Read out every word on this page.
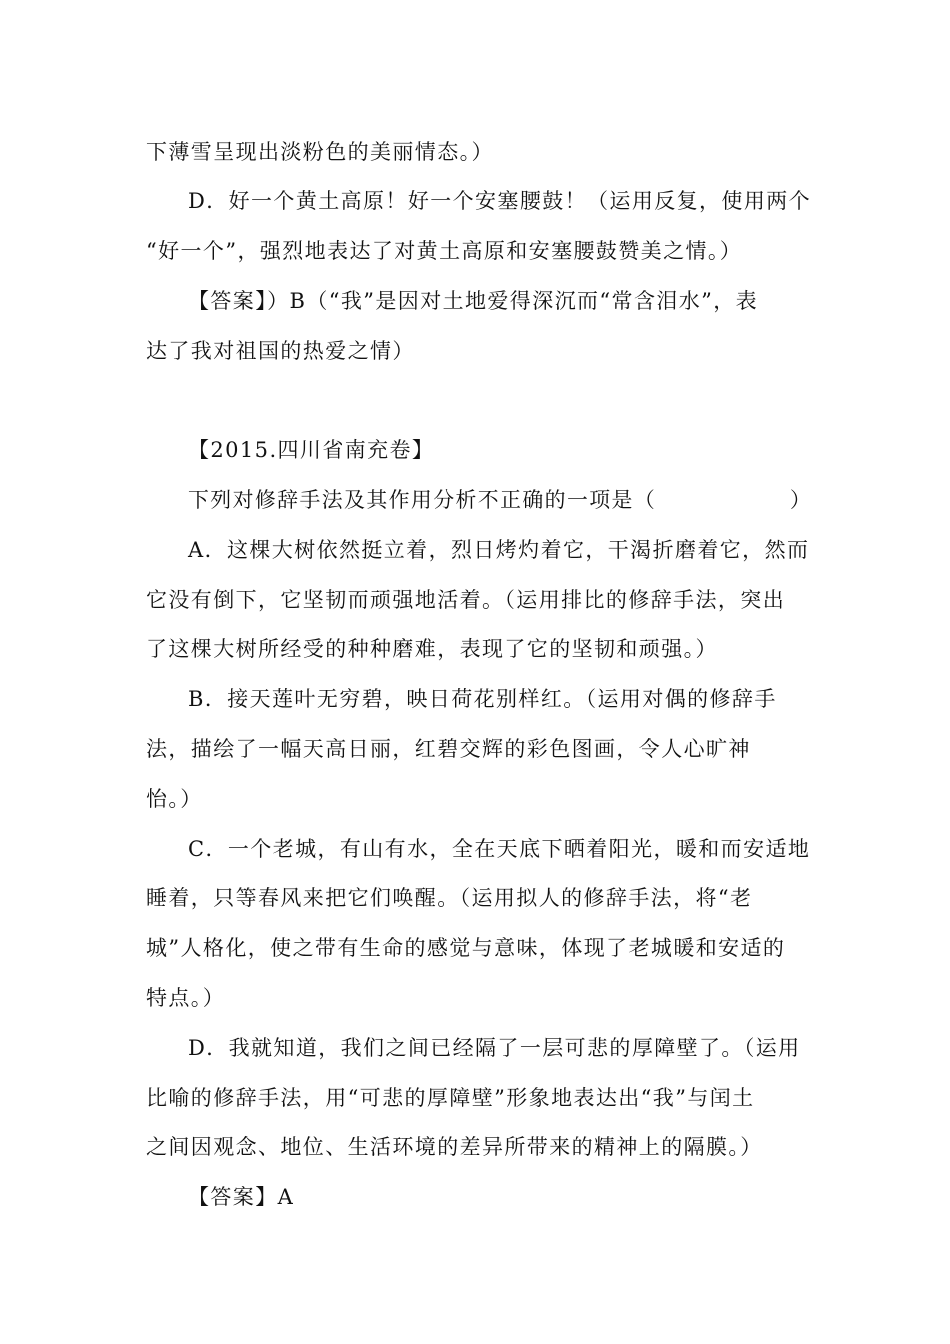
下薄雪呈现出淡粉色的美丽情态。）
D．好一个黄土高原！好一个安塞腰鼓！（运用反复，使用两个
“好一个”，强烈地表达了对黄土高原和安塞腰鼓赞美之情。）
【答案】）B（“我”是因对土地爱得深沉而“常含泪水”，表
达了我对祖国的热爱之情）
【2015.四川省南充卷】
下列对修辞手法及其作用分析不正确的一项是（　　　　　　）
A．这棵大树依然挺立着，烈日烤灼着它，干渴折磨着它，然而
它没有倒下，它坚韧而顽强地活着。（运用排比的修辞手法，突出
了这棵大树所经受的种种磨难，表现了它的坚韧和顽强。）
B．接天莲叶无穷碧，映日荷花别样红。（运用对偶的修辞手
法，描绘了一幅天高日丽，红碧交辉的彩色图画，令人心旷神
怡。）
C．一个老城，有山有水，全在天底下晒着阳光，暖和而安适地
睡着，只等春风来把它们唤醒。（运用拟人的修辞手法，将“老
城”人格化，使之带有生命的感觉与意味，体现了老城暖和安适的
特点。）
D．我就知道，我们之间已经隔了一层可悲的厚障壁了。（运用
比喻的修辞手法，用“可悲的厚障壁”形象地表达出“我”与闰土
之间因观念、地位、生活环境的差异所带来的精神上的隔膜。）
【答案】A
